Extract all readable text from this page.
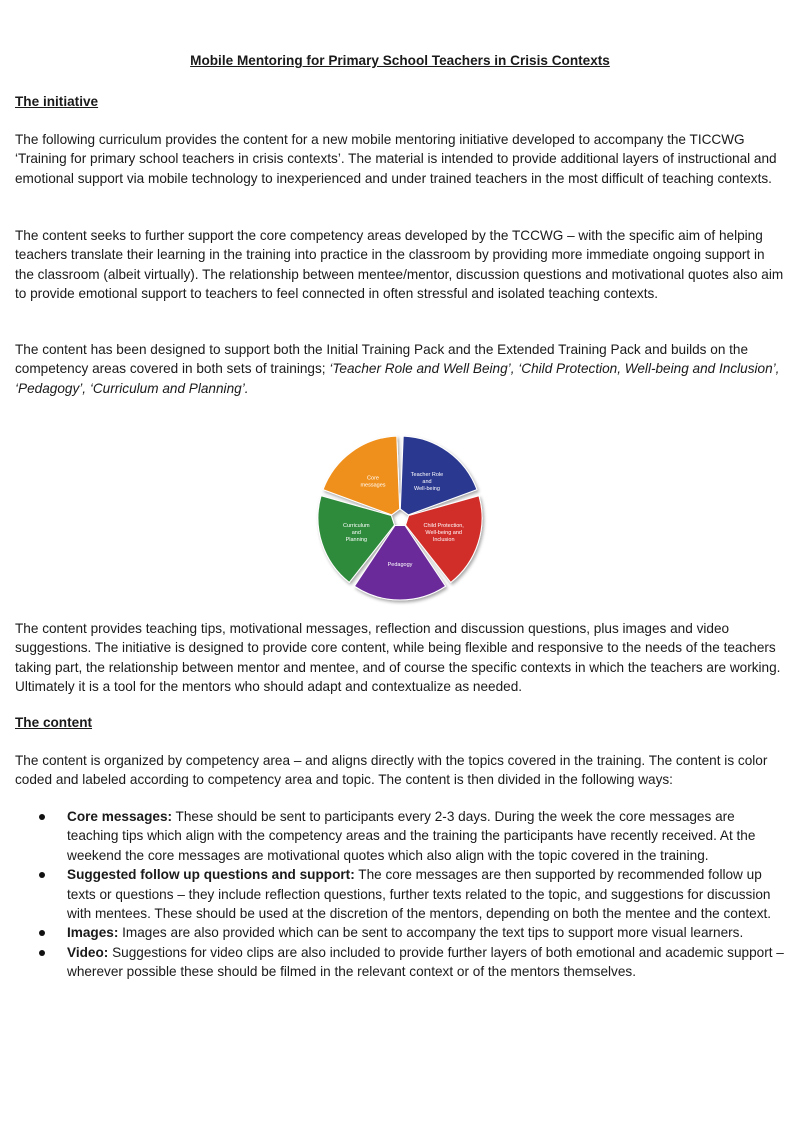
Mobile Mentoring for Primary School Teachers in Crisis Contexts
The initiative

The following curriculum provides the content for a new mobile mentoring initiative developed to accompany the TICCWG ‘Training for primary school teachers in crisis contexts’. The material is intended to provide additional layers of instructional and emotional support via mobile technology to inexperienced and under trained teachers in the most difficult of teaching contexts.

The content seeks to further support the core competency areas developed by the TCCWG – with the specific aim of helping teachers translate their learning in the training into practice in the classroom by providing more immediate ongoing support in the classroom (albeit virtually). The relationship between mentee/mentor, discussion questions and motivational quotes also aim to provide emotional support to teachers to feel connected in often stressful and isolated teaching contexts.

The content has been designed to support both the Initial Training Pack and the Extended Training Pack and builds on the competency areas covered in both sets of trainings; ‘Teacher Role and Well Being’, ‘Child Protection, Well-being and Inclusion’, ‘Pedagogy’, ‘Curriculum and Planning’.

Teacher Role
and
Well-being
Child Protection,
Well-being and
Inclusion
Pedagogy
Curriculum
and
Planning
Core
messages

The content provides teaching tips, motivational messages, reflection and discussion questions, plus images and video suggestions. The initiative is designed to provide core content, while being flexible and responsive to the needs of the teachers taking part, the relationship between mentor and mentee, and of course the specific contexts in which the teachers are working. Ultimately it is a tool for the mentors who should adapt and contextualize as needed.

The content

The content is organized by competency area – and aligns directly with the topics covered in the training. The content is color coded and labeled according to competency area and topic. The content is then divided in the following ways:

Core messages: These should be sent to participants every 2-3 days. During the week the core messages are teaching tips which align with the competency areas and the training the participants have recently received. At the weekend the core messages are motivational quotes which also align with the topic covered in the training.
Suggested follow up questions and support: The core messages are then supported by recommended follow up texts or questions – they include reflection questions, further texts related to the topic, and suggestions for discussion with mentees. These should be used at the discretion of the mentors, depending on both the mentee and the context.
Images: Images are also provided which can be sent to accompany the text tips to support more visual learners.
Video: Suggestions for video clips are also included to provide further layers of both emotional and academic support – wherever possible these should be filmed in the relevant context or of the mentors themselves.
